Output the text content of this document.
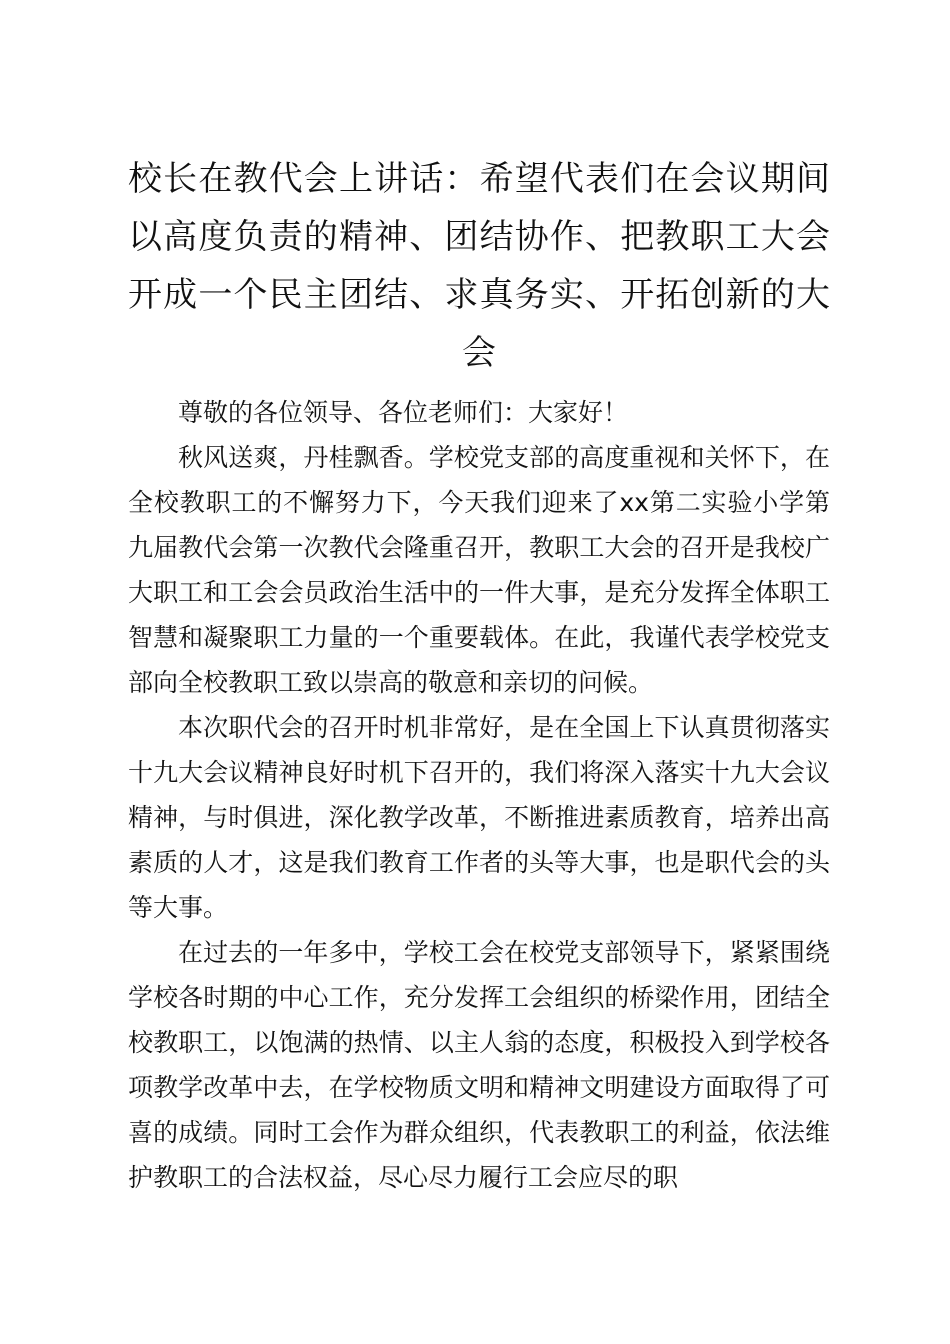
校长在教代会上讲话：希望代表们在会议期间以高度负责的精神、团结协作、把教职工大会开成一个民主团结、求真务实、开拓创新的大会

尊敬的各位领导、各位老师们：大家好！

秋风送爽，丹桂飘香。学校党支部的高度重视和关怀下，在全校教职工的不懈努力下，今天我们迎来了xx第二实验小学第九届教代会第一次教代会隆重召开，教职工大会的召开是我校广大职工和工会会员政治生活中的一件大事，是充分发挥全体职工智慧和凝聚职工力量的一个重要载体。在此，我谨代表学校党支部向全校教职工致以崇高的敬意和亲切的问候。

本次职代会的召开时机非常好，是在全国上下认真贯彻落实十九大会议精神良好时机下召开的，我们将深入落实十九大会议精神，与时俱进，深化教学改革，不断推进素质教育，培养出高素质的人才，这是我们教育工作者的头等大事，也是职代会的头等大事。

在过去的一年多中，学校工会在校党支部领导下，紧紧围绕学校各时期的中心工作，充分发挥工会组织的桥梁作用，团结全校教职工，以饱满的热情、以主人翁的态度，积极投入到学校各项教学改革中去，在学校物质文明和精神文明建设方面取得了可喜的成绩。同时工会作为群众组织，代表教职工的利益，依法维护教职工的合法权益，尽心尽力履行工会应尽的职
